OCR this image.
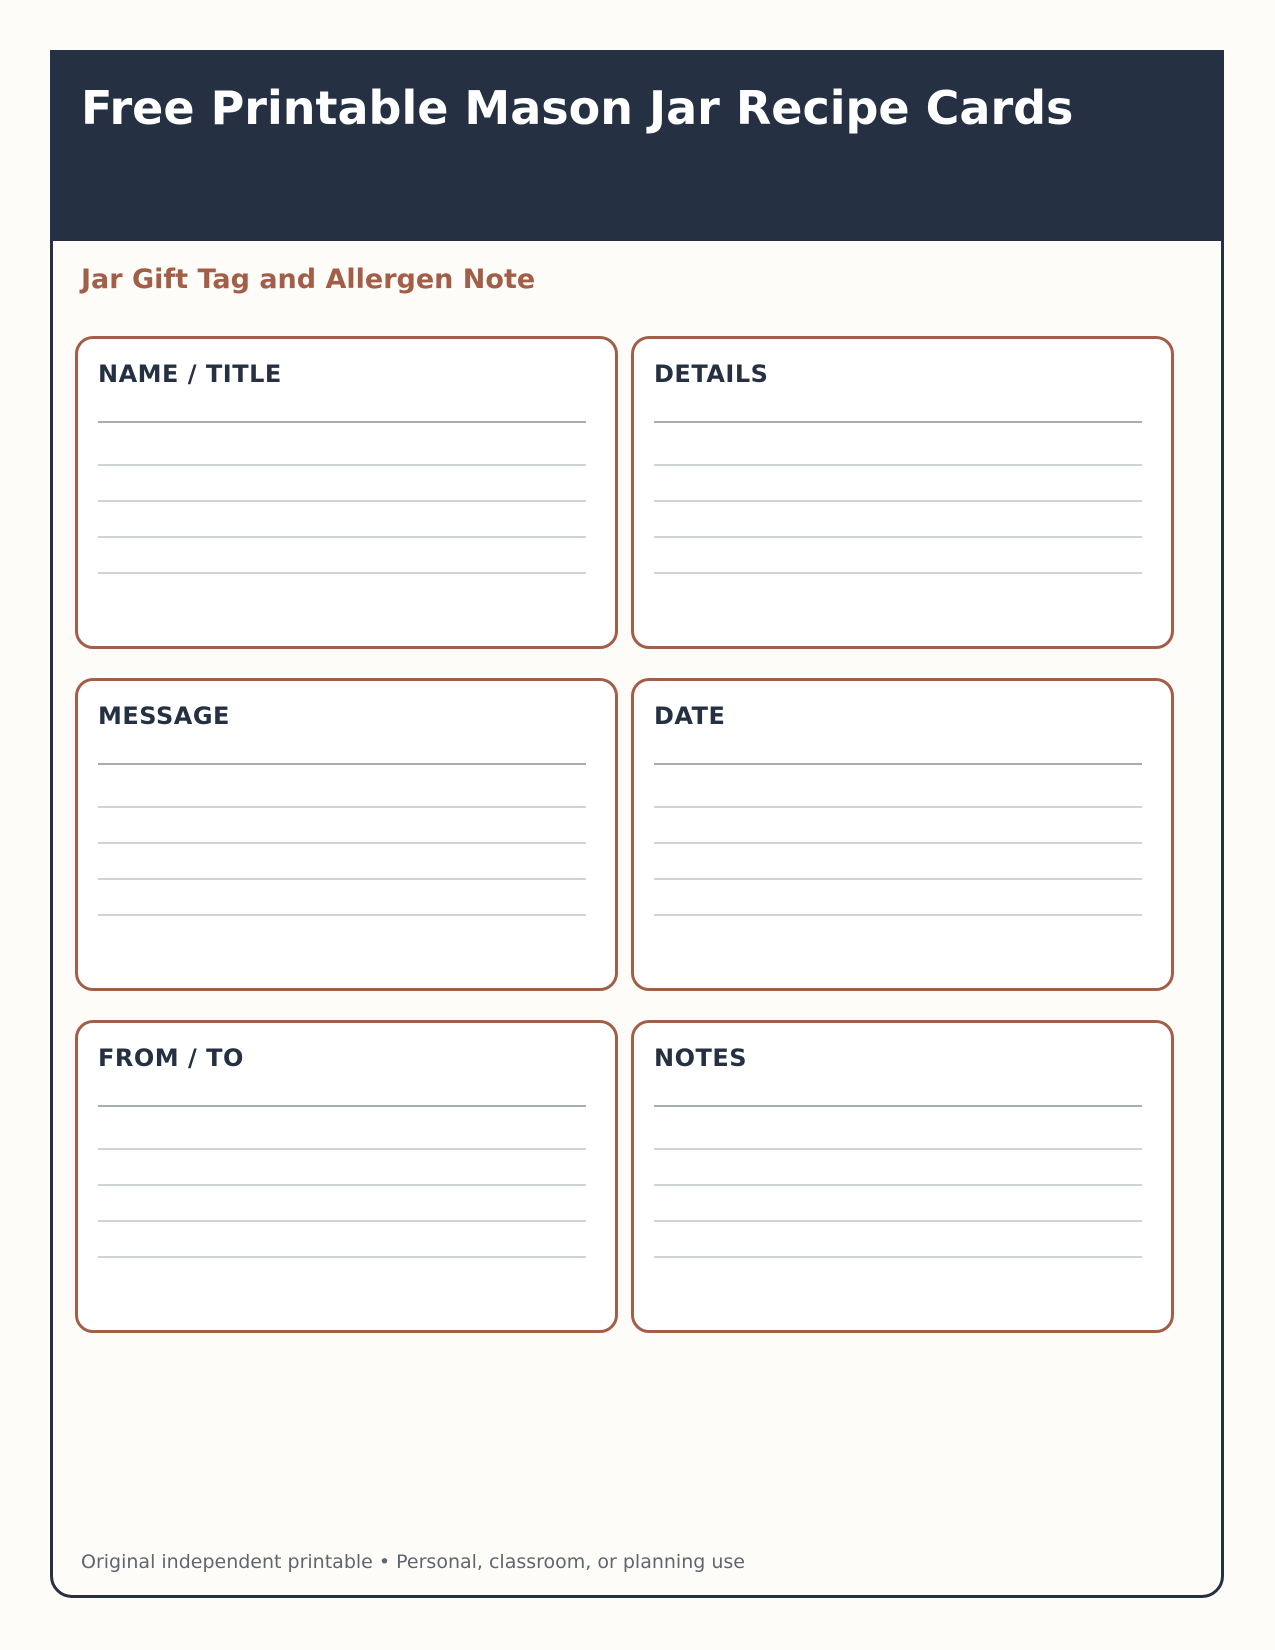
Free Printable Mason Jar Recipe Cards
Jar Gift Tag and Allergen Note
NAME / TITLE	DETAILS
MESSAGE	DATE
FROM / TO	NOTES
Original independent printable • Personal, classroom, or planning use
